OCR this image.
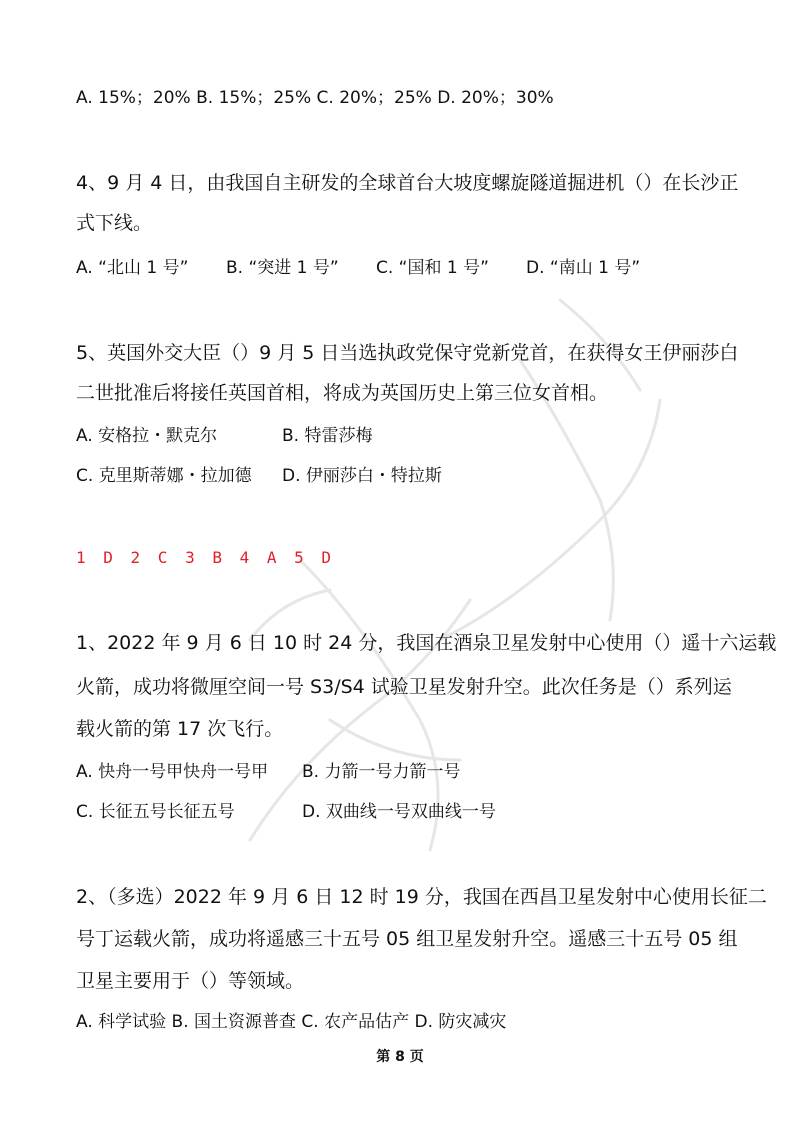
A. 15%；20% B. 15%；25% C. 20%；25% D. 20%；30%
4、9 月 4 日，由我国自主研发的全球首台大坡度螺旋隧道掘进机（）在长沙正
式下线。
A. “北山 1 号” B. “突进 1 号” C. “国和 1 号” D. “南山 1 号”
5、英国外交大臣（）9 月 5 日当选执政党保守党新党首，在获得女王伊丽莎白
二世批准后将接任英国首相，将成为英国历史上第三位女首相。
A. 安格拉・默克尔	B. 特雷莎梅
C. 克里斯蒂娜・拉加德 D. 伊丽莎白・特拉斯
1 D 2 C 3 B 4 A 5 D
1、2022 年 9 月 6 日 10 时 24 分，我国在酒泉卫星发射中心使用（）遥十六运载
火箭，成功将微厘空间一号 S3/S4 试验卫星发射升空。此次任务是（）系列运
载火箭的第 17 次飞行。
A. 快舟一号甲快舟一号甲 B. 力箭一号力箭一号
C. 长征五号长征五号	D. 双曲线一号双曲线一号
2、（多选）2022 年 9 月 6 日 12 时 19 分，我国在西昌卫星发射中心使用长征二
号丁运载火箭，成功将遥感三十五号 05 组卫星发射升空。遥感三十五号 05 组
卫星主要用于（）等领域。
A. 科学试验 B. 国土资源普查 C. 农产品估产 D. 防灾减灾
第 8 页
